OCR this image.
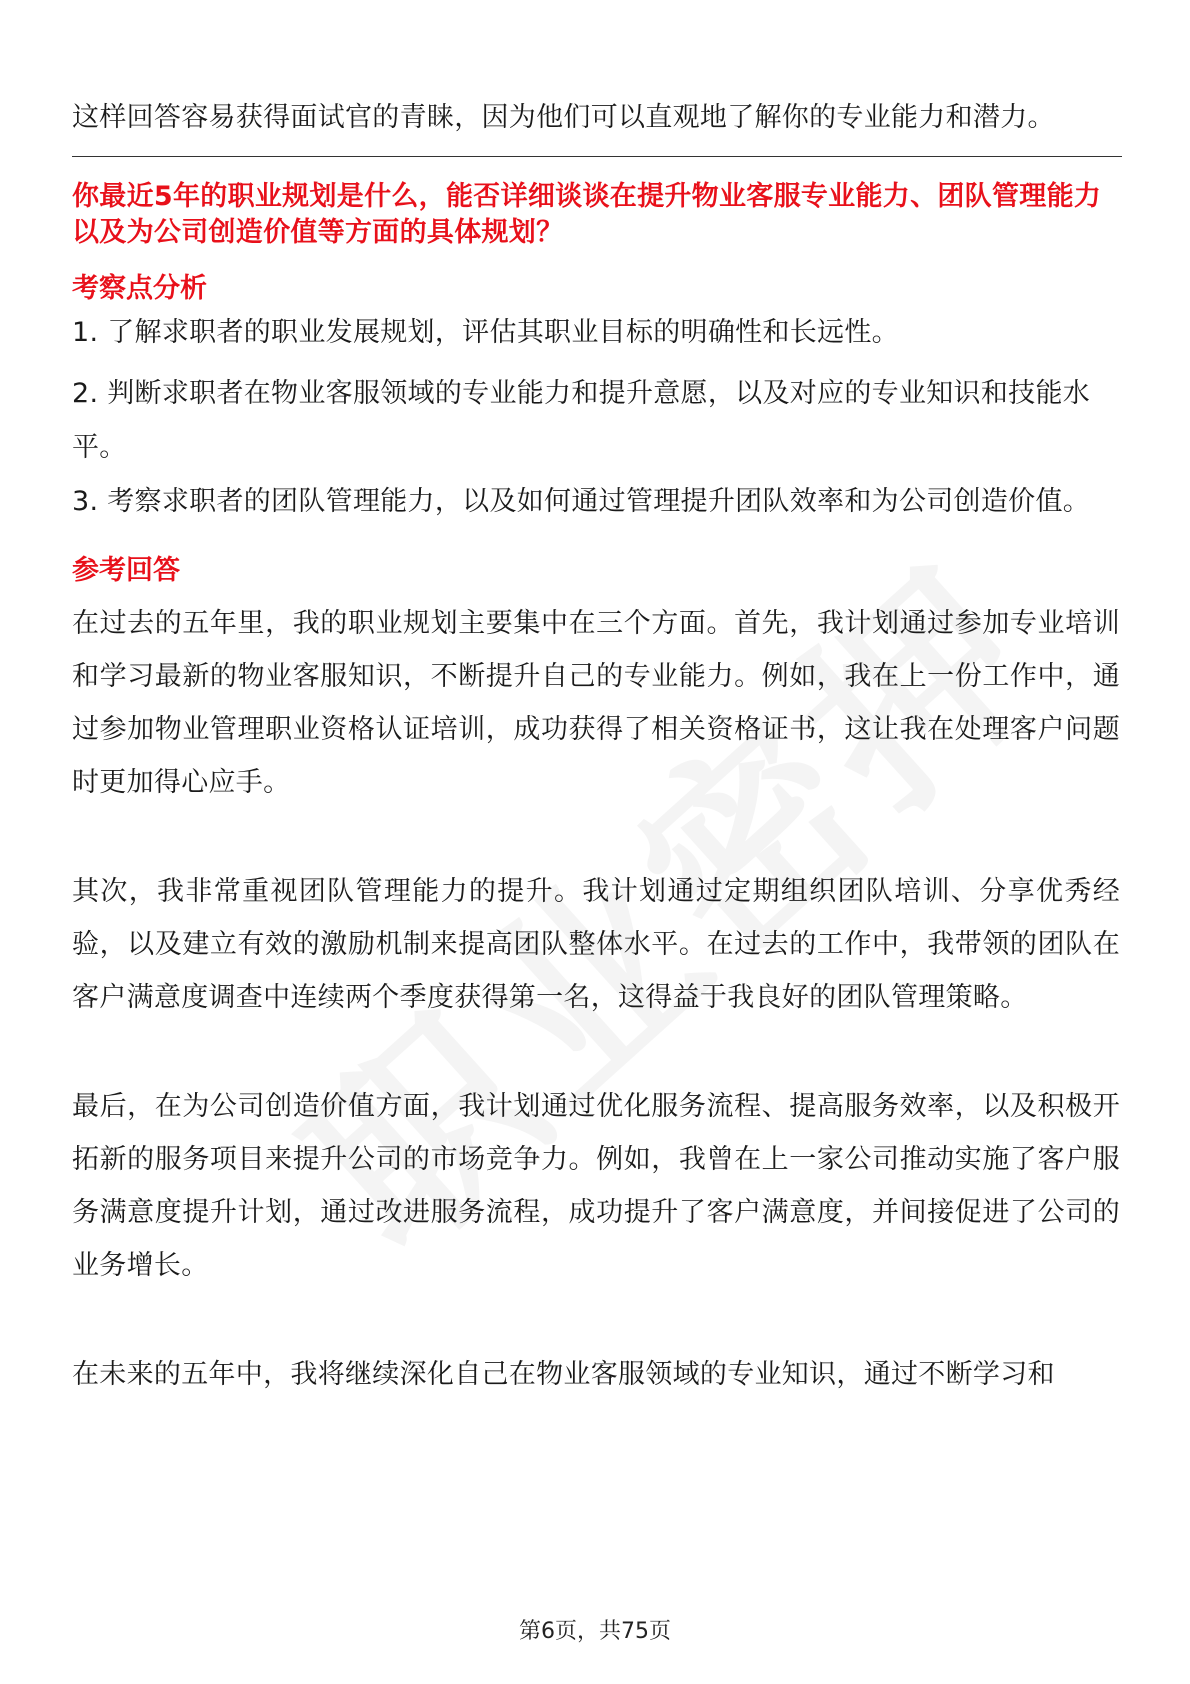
这样回答容易获得面试官的青睐，因为他们可以直观地了解你的专业能力和潜力。

你最近5年的职业规划是什么，能否详细谈谈在提升物业客服专业能力、团队管理能力以及为公司创造价值等方面的具体规划？

考察点分析

1. 了解求职者的职业发展规划，评估其职业目标的明确性和长远性。

2. 判断求职者在物业客服领域的专业能力和提升意愿，以及对应的专业知识和技能水平。

3. 考察求职者的团队管理能力，以及如何通过管理提升团队效率和为公司创造价值。

参考回答

在过去的五年里，我的职业规划主要集中在三个方面。首先，我计划通过参加专业培训和学习最新的物业客服知识，不断提升自己的专业能力。例如，我在上一份工作中，通过参加物业管理职业资格认证培训，成功获得了相关资格证书，这让我在处理客户问题时更加得心应手。

其次，我非常重视团队管理能力的提升。我计划通过定期组织团队培训、分享优秀经验，以及建立有效的激励机制来提高团队整体水平。在过去的工作中，我带领的团队在客户满意度调查中连续两个季度获得第一名，这得益于我良好的团队管理策略。

最后，在为公司创造价值方面，我计划通过优化服务流程、提高服务效率，以及积极开拓新的服务项目来提升公司的市场竞争力。例如，我曾在上一家公司推动实施了客户服务满意度提升计划，通过改进服务流程，成功提升了客户满意度，并间接促进了公司的业务增长。

在未来的五年中，我将继续深化自己在物业客服领域的专业知识，通过不断学习和

第6页，共75页
